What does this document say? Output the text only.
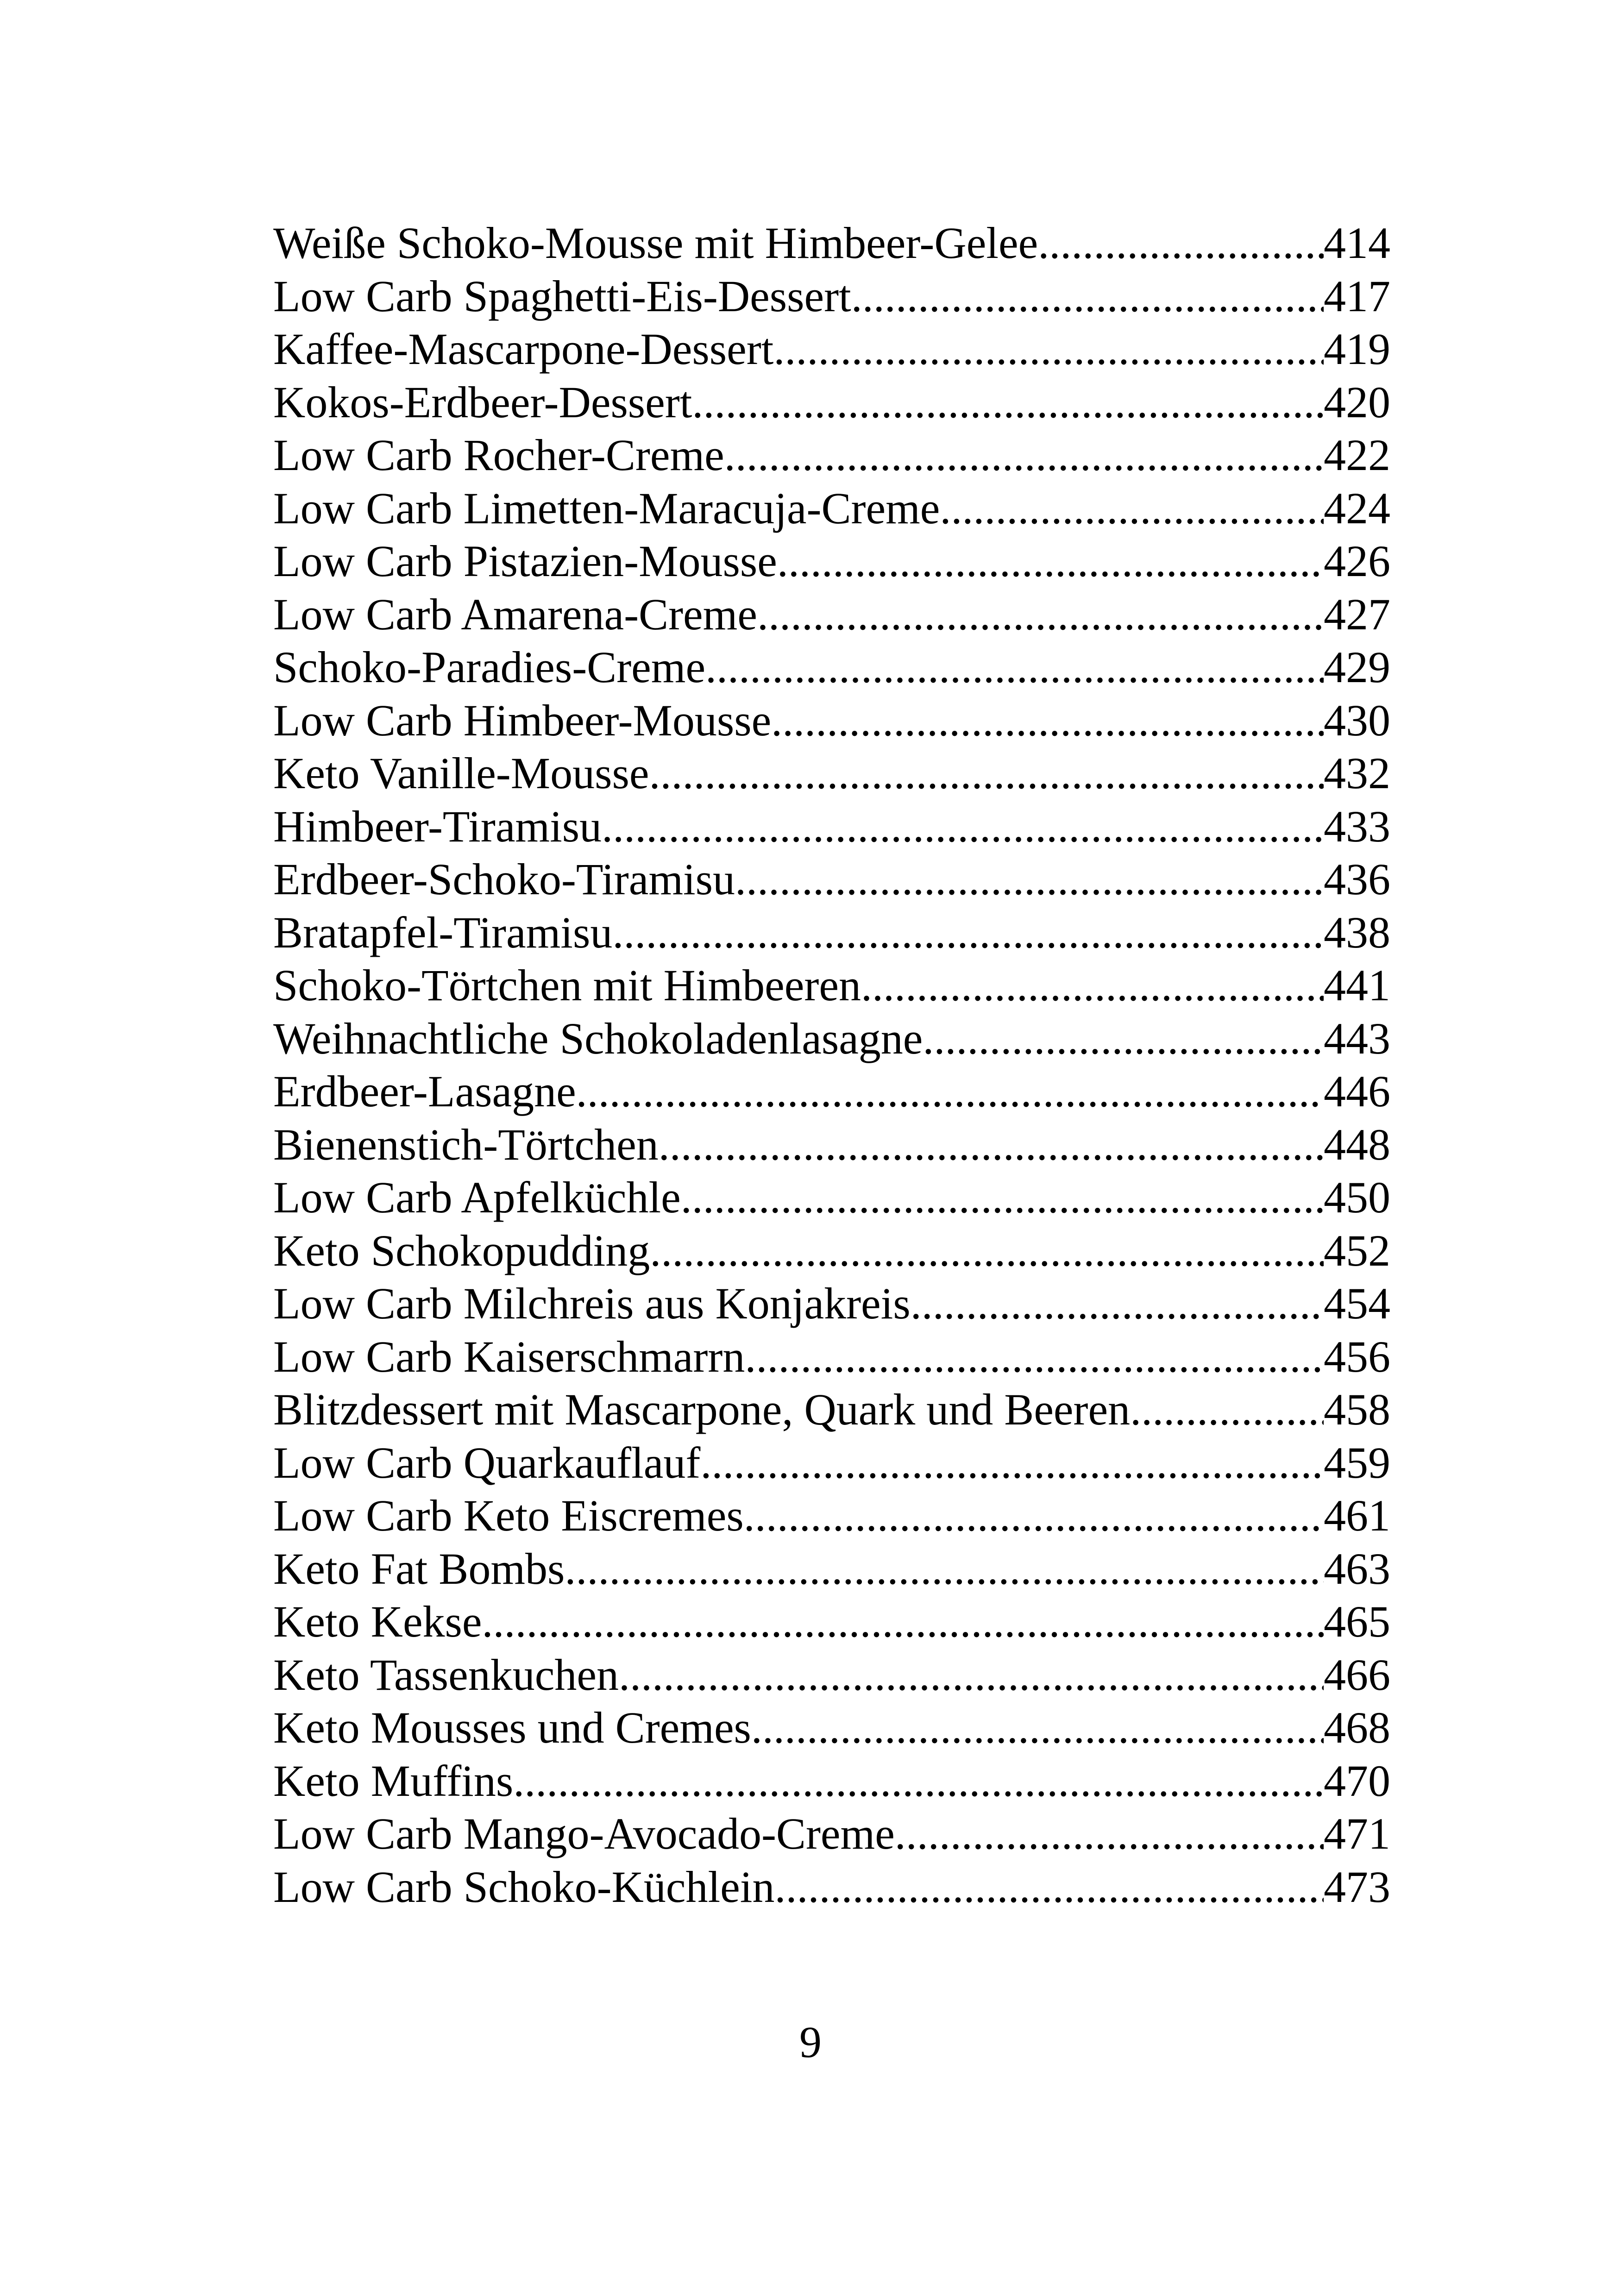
Weiße Schoko-Mousse mit Himbeer-Gelee .....	414
Low Carb Spaghetti-Eis-Dessert .....	417
Kaffee-Mascarpone-Dessert .....	419
Kokos-Erdbeer-Dessert .....	420
Low Carb Rocher-Creme .....	422
Low Carb Limetten-Maracuja-Creme .....	424
Low Carb Pistazien-Mousse .....	426
Low Carb Amarena-Creme .....	427
Schoko-Paradies-Creme .....	429
Low Carb Himbeer-Mousse .....	430
Keto Vanille-Mousse .....	432
Himbeer-Tiramisu .....	433
Erdbeer-Schoko-Tiramisu .....	436
Bratapfel-Tiramisu .....	438
Schoko-Törtchen mit Himbeeren .....	441
Weihnachtliche Schokoladenlasagne .....	443
Erdbeer-Lasagne .....	446
Bienenstich-Törtchen .....	448
Low Carb Apfelküchle .....	450
Keto Schokopudding .....	452
Low Carb Milchreis aus Konjakreis .....	454
Low Carb Kaiserschmarrn .....	456
Blitzdessert mit Mascarpone, Quark und Beeren .....	458
Low Carb Quarkauflauf .....	459
Low Carb Keto Eiscremes .....	461
Keto Fat Bombs .....	463
Keto Kekse .....	465
Keto Tassenkuchen .....	466
Keto Mousses und Cremes .....	468
Keto Muffins .....	470
Low Carb Mango-Avocado-Creme .....	471
Low Carb Schoko-Küchlein .....	473
9
